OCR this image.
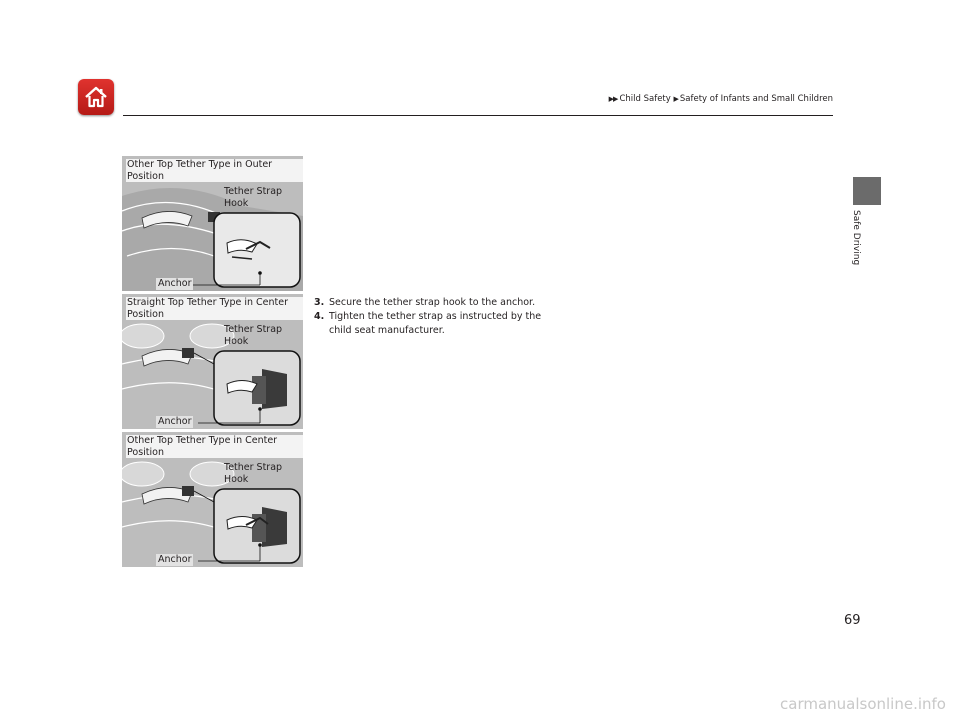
▶▶ Child Safety ▶ Safety of Infants and Small Children
Safe Driving
Other Top Tether Type in Outer Position
Tether Strap Hook
Anchor
Straight Top Tether Type in Center Position
Tether Strap Hook
Anchor
Other Top Tether Type in Center Position
Tether Strap Hook
Anchor
3. Secure the tether strap hook to the anchor.
4. Tighten the tether strap as instructed by the child seat manufacturer.
69
carmanualsonline.info
